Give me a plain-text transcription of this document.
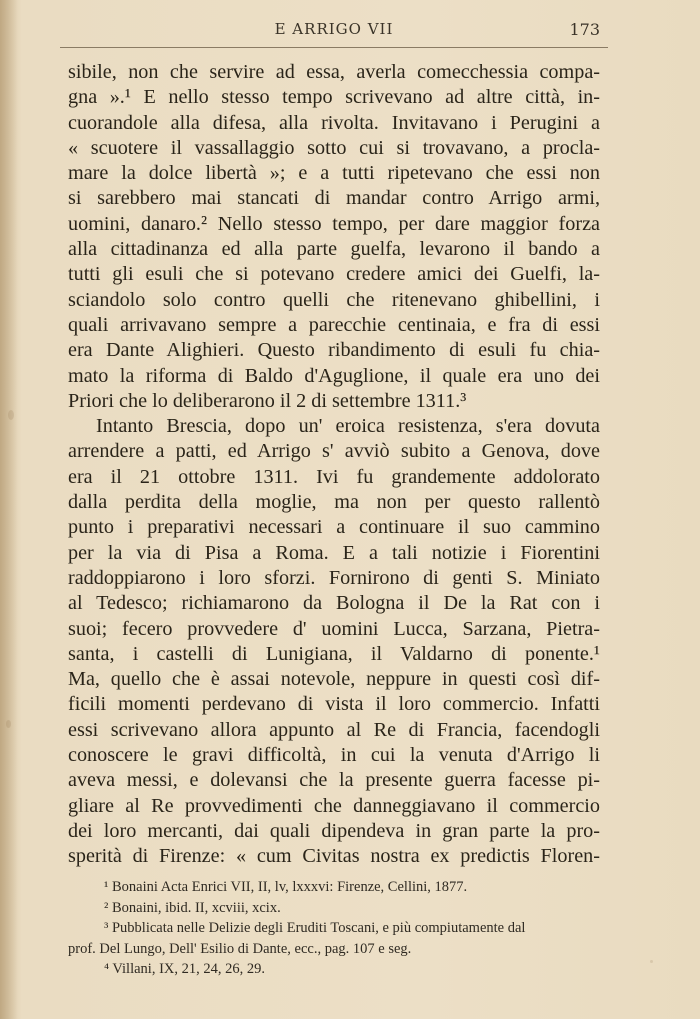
E ARRIGO VII	173
sibile, non che servire ad essa, averla comecchessia compa-
gna ».¹ E nello stesso tempo scrivevano ad altre città, in-
cuorandole alla difesa, alla rivolta. Invitavano i Perugini a
« scuotere il vassallaggio sotto cui si trovavano, a procla-
mare la dolce libertà »; e a tutti ripetevano che essi non
si sarebbero mai stancati di mandar contro Arrigo armi,
uomini, danaro.² Nello stesso tempo, per dare maggior forza
alla cittadinanza ed alla parte guelfa, levarono il bando a
tutti gli esuli che si potevano credere amici dei Guelfi, la-
sciandolo solo contro quelli che ritenevano ghibellini, i
quali arrivavano sempre a parecchie centinaia, e fra di essi
era Dante Alighieri. Questo ribandimento di esuli fu chia-
mato la riforma di Baldo d'Aguglione, il quale era uno dei
Priori che lo deliberarono il 2 di settembre 1311.³
Intanto Brescia, dopo un' eroica resistenza, s'era dovuta
arrendere a patti, ed Arrigo s' avviò subito a Genova, dove
era il 21 ottobre 1311. Ivi fu grandemente addolorato
dalla perdita della moglie, ma non per questo rallentò
punto i preparativi necessari a continuare il suo cammino
per la via di Pisa a Roma. E a tali notizie i Fiorentini
raddoppiarono i loro sforzi. Fornirono di genti S. Miniato
al Tedesco; richiamarono da Bologna il De la Rat con i
suoi; fecero provvedere d' uomini Lucca, Sarzana, Pietra-
santa, i castelli di Lunigiana, il Valdarno di ponente.¹
Ma, quello che è assai notevole, neppure in questi così dif-
ficili momenti perdevano di vista il loro commercio. Infatti
essi scrivevano allora appunto al Re di Francia, facendogli
conoscere le gravi difficoltà, in cui la venuta d'Arrigo li
aveva messi, e dolevansi che la presente guerra facesse pi-
gliare al Re provvedimenti che danneggiavano il commercio
dei loro mercanti, dai quali dipendeva in gran parte la pro-
sperità di Firenze: « cum Civitas nostra ex predictis Floren-
¹ Bonaini Acta Enrici VII, II, lv, lxxxvi: Firenze, Cellini, 1877.
² Bonaini, ibid. II, xcviii, xcix.
³ Pubblicata nelle Delizie degli Eruditi Toscani, e più compiutamente dal
prof. Del Lungo, Dell' Esilio di Dante, ecc., pag. 107 e seg.
⁴ Villani, IX, 21, 24, 26, 29.
